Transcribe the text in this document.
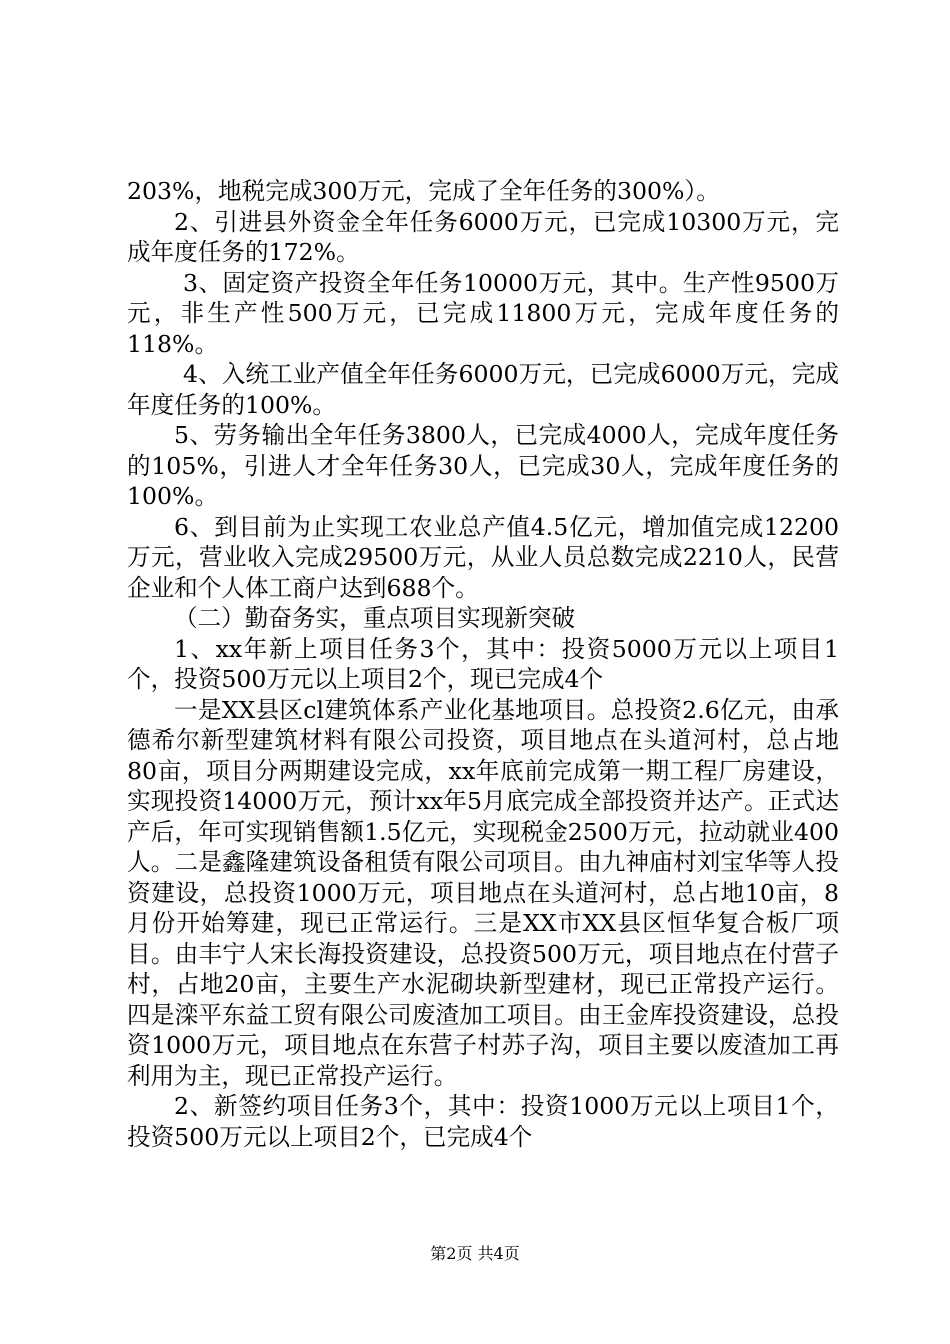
203%，地税完成300万元，完成了全年任务的300%）。

2、引进县外资金全年任务6000万元，已完成10300万元，完成年度任务的172%。

3、固定资产投资全年任务10000万元，其中。生产性9500万元，非生产性500万元，已完成11800万元，完成年度任务的118%。

4、入统工业产值全年任务6000万元，已完成6000万元，完成年度任务的100%。

5、劳务输出全年任务3800人，已完成4000人，完成年度任务的105%，引进人才全年任务30人，已完成30人，完成年度任务的100%。

6、到目前为止实现工农业总产值4.5亿元，增加值完成12200万元，营业收入完成29500万元，从业人员总数完成2210人，民营企业和个人体工商户达到688个。

（二）勤奋务实，重点项目实现新突破

1、xx年新上项目任务3个，其中：投资5000万元以上项目1个，投资500万元以上项目2个，现已完成4个

一是XX县区cl建筑体系产业化基地项目。总投资2.6亿元，由承德希尔新型建筑材料有限公司投资，项目地点在头道河村，总占地80亩，项目分两期建设完成，xx年底前完成第一期工程厂房建设，实现投资14000万元，预计xx年5月底完成全部投资并达产。正式达产后，年可实现销售额1.5亿元，实现税金2500万元，拉动就业400人。二是鑫隆建筑设备租赁有限公司项目。由九神庙村刘宝华等人投资建设，总投资1000万元，项目地点在头道河村，总占地10亩，8月份开始筹建，现已正常运行。三是XX市XX县区恒华复合板厂项目。由丰宁人宋长海投资建设，总投资500万元，项目地点在付营子村，占地20亩，主要生产水泥砌块新型建材，现已正常投产运行。四是滦平东益工贸有限公司废渣加工项目。由王金库投资建设，总投资1000万元，项目地点在东营子村苏子沟，项目主要以废渣加工再利用为主，现已正常投产运行。

2、新签约项目任务3个，其中：投资1000万元以上项目1个，投资500万元以上项目2个，已完成4个

第2页 共4页
